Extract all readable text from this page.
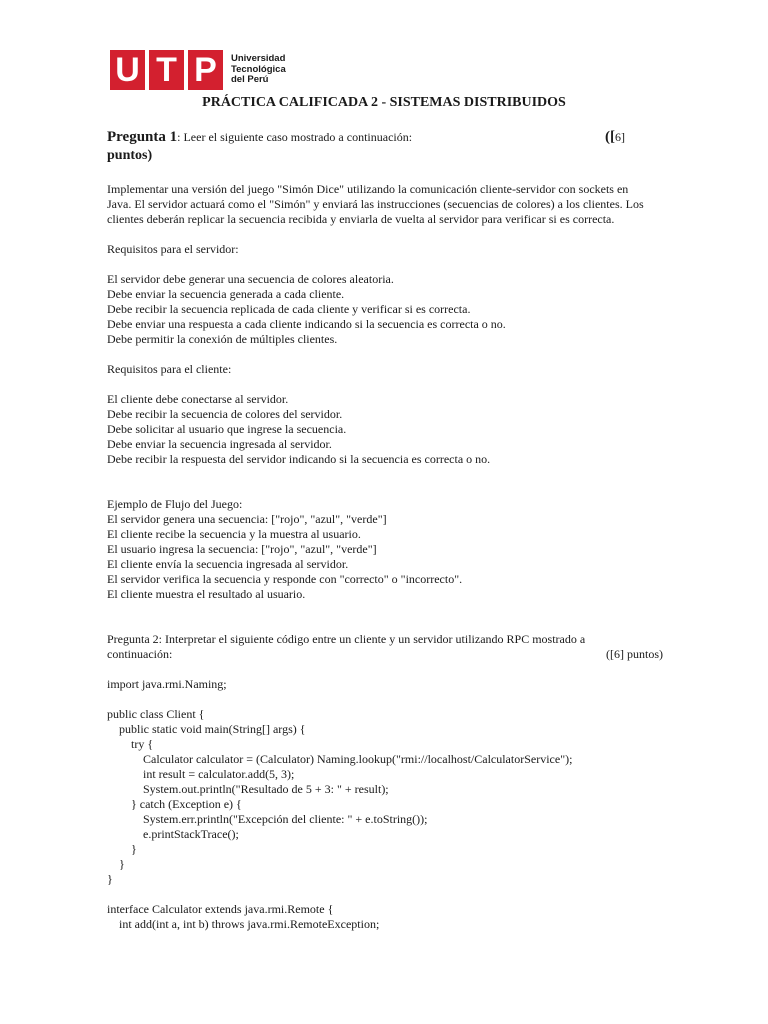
U T P	Universidad
Tecnológica
del Perú
PRÁCTICA CALIFICADA 2 - SISTEMAS DISTRIBUIDOS
Pregunta 1: Leer el siguiente caso mostrado a continuación:	([6]
puntos)

Implementar una versión del juego "Simón Dice" utilizando la comunicación cliente-servidor con sockets en

Java. El servidor actuará como el "Simón" y enviará las instrucciones (secuencias de colores) a los clientes. Los

clientes deberán replicar la secuencia recibida y enviarla de vuelta al servidor para verificar si es correcta.

Requisitos para el servidor:

El servidor debe generar una secuencia de colores aleatoria.

Debe enviar la secuencia generada a cada cliente.

Debe recibir la secuencia replicada de cada cliente y verificar si es correcta.

Debe enviar una respuesta a cada cliente indicando si la secuencia es correcta o no.

Debe permitir la conexión de múltiples clientes.

Requisitos para el cliente:

El cliente debe conectarse al servidor.

Debe recibir la secuencia de colores del servidor.

Debe solicitar al usuario que ingrese la secuencia.

Debe enviar la secuencia ingresada al servidor.

Debe recibir la respuesta del servidor indicando si la secuencia es correcta o no.

Ejemplo de Flujo del Juego:

El servidor genera una secuencia: ["rojo", "azul", "verde"]

El cliente recibe la secuencia y la muestra al usuario.

El usuario ingresa la secuencia: ["rojo", "azul", "verde"]

El cliente envía la secuencia ingresada al servidor.

El servidor verifica la secuencia y responde con "correcto" o "incorrecto".

El cliente muestra el resultado al usuario.

Pregunta 2: Interpretar el siguiente código entre un cliente y un servidor utilizando RPC mostrado a

continuación:	([6] puntos)

import java.rmi.Naming;

public class Client {
public static void main(String[] args) {
try {
Calculator calculator = (Calculator) Naming.lookup("rmi://localhost/CalculatorService");
int result = calculator.add(5, 3);
System.out.println("Resultado de 5 + 3: " + result);
} catch (Exception e) {
System.err.println("Excepción del cliente: " + e.toString());
e.printStackTrace();
}
}
}
interface Calculator extends java.rmi.Remote {
int add(int a, int b) throws java.rmi.RemoteException;
